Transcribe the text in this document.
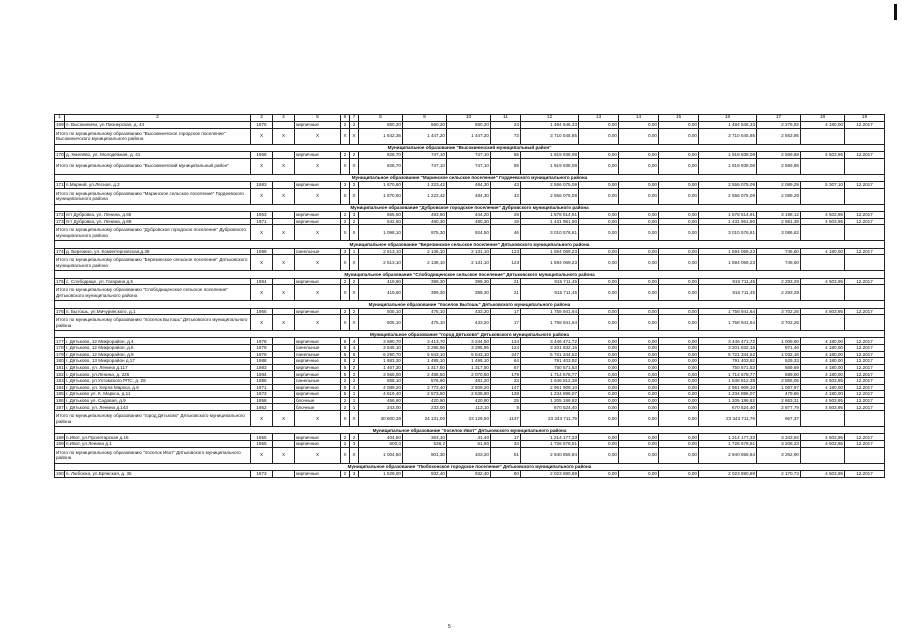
1	2	3	4	5	6	7	8	9	10	11	12	13	14	15	16	17	18	19
169	п. Высокиничи, ул.Пионерская, д. 44	1975		кирпичные	2	2	650,20	660,20	660,20	24	1 494 546,33	0,00	0,00	0,00	1 494 546,33	2 275,92	4 180,00	12.2017
Итого по муниципальному образованию "Высокиничское городское поселение" Высокиничского муниципального района		Х	Х	Х	Х	Х	1 642,36	1 447,20	1 447,20	73	3 710 545,85	0,00	0,00	0,00	3 710 545,85	2 563,95		
Муниципальное образование "Высокиничский муниципальный район"																		
170	д. Хмелёво, ул. Молодёжная, д. 41	1968		кирпичные	2	2	828,70	747,10	747,10	55	1 919 938,08	0,00	0,00	0,00	1 919 938,08	2 569,88	4 503,95	12.2017
Итого по муниципальному образованию "Высокиничский муниципальный район"		Х	Х	Х	Х	Х	828,70	747,10	747,10	55	1 919 938,08	0,00	0,00	0,00	1 919 938,08	2 569,88		
Муниципальное образование "Маринское сельское поселение" Гордеевского муниципального района																		
171	п.Марний, ул.Лесная, д.2	1983		кирпичные	3	3	1 670,60	1 223,42	484,30	43	2 556 075,09	0,00	0,00	0,00	2 556 075,09	2 089,29	5 307,10	12.2017
Итого по муниципальному образованию "Маринское сельское поселение" Гордеевского муниципального района		Х	Х	Х	Х	Х	1 670,60	1 223,42	484,30	43	2 556 075,09	0,00	0,00	0,00	2 556 075,09	2 089,29		
Муниципальное образование "Дубровское городское поселение" Дубровского муниципального района																		
172	пгт Дубровка, ул. Ленина, д.65	1963		кирпичные	2	3	555,50	493,60	444,20	28	1 578 614,91	0,00	0,00	0,00	1 578 614,91	3 198,12	4 503,95	12.2017
173	пгт Дубровка, ул. Ленина, д.69	1971		кирпичные	2	2	542,60	480,30	480,30	18	1 431 961,90	0,00	0,00	0,00	1 431 961,90	2 981,39	4 503,95	12.2017
Итого по муниципальному образованию "Дубровское городское поселение" Дубровского муниципального района		Х	Х	Х	Х	Х	1 098,10	975,30	924,50	46	3 010 576,81	0,00	0,00	0,00	3 010 576,81	3 086,82		
Муниципальное образование "Березинское сельское поселение" Дятьковского муниципального района																		
174	д. Березино, ул. Коминтерновская,д.38	1989		панельные	3	1	2 613,10	2 136,10	2 131,10	123	1 594 069,23	0,00	0,00	0,00	1 594 069,23	746,60	4 180,00	12.2017
Итого по муниципальному образованию "Березинское сельское поселение" Дятьковского муниципального района		Х	Х	Х	Х	Х	2 613,10	2 136,10	2 131,10	123	1 594 069,23	0,00	0,00	0,00	1 594 069,23	746,60		
Муниципальное образование "Слободищенское сельское поселение" Дятьковского муниципального района																		
175	с. Слободище, ул. Гагарина д.5	1984		кирпичные	2	2	419,60	399,30	399,30	21	915 711,45	0,00	0,00	0,00	915 711,45	2 293,29	4 503,95	12.2017
Итого по муниципальному образованию "Слободищенское сельское поселение" Дятьковского муниципального района		Х	Х	Х	Х	Х	419,60	399,30	399,30	21	915 711,45	0,00	0,00	0,00	915 711,45	2 293,29		
Муниципальное образование "поселок Бытошь" Дятьковского муниципального района																		
176	п. Бытошь, ул.Мичуринского, д.1	1965		кирпичные	2	2	505,10	475,10	433,20	17	1 758 941,64	0,00	0,00	0,00	1 758 941,64	3 702,26	4 503,95	12.2017
Итого по муниципальному образованию "поселок Бытошь" Дятьковского муниципального района		Х	Х	Х	Х	Х	505,10	475,10	433,20	17	1 758 941,64	0,00	0,00	0,00	1 758 941,64	3 702,26		
Муниципальное образование "город Дятьково" Дятьковского муниципального района																		
177	г. Дятьково, 12 Микрорайон, д.4	1978		кирпичные	5	4	3 680,70	3 413,70	3 244,50	134	3 446 471,72	0,00	0,00	0,00	3 446 471,72	1 009,60	4 180,00	12.2017
178	г. Дятьково, 12 Микрорайон, д.5	1979		панельные	5	4	3 645,10	3 295,96	3 295,96	124	3 201 832,16	0,00	0,00	0,00	3 201 832,16	971,46	4 180,00	12.2017
179	г. Дятьково, 12 Микрорайон, д.9	1979		панельные	5	8	6 290,70	5 543,10	5 543,10	247	5 721 344,52	0,00	0,00	0,00	5 721 344,52	1 032,16	4 180,00	12.2017
180	г. Дятьково, 13 Микрорайон д.17	1988		кирпичные	5	2	1 683,30	1 495,10	1 495,10	64	791 403,92	0,00	0,00	0,00	791 403,92	529,33	4 180,00	12.2017
181	г. Дятьково, ул. Ленина д.117	1983		кирпичные	5	2	1 467,30	1 317,50	1 317,50	67	750 571,53	0,00	0,00	0,00	750 571,53	569,69	4 180,00	12.2017
182	г. Дятьково, ул.Ленина, д. 226	1984		кирпичные	5	3	3 565,00	2 488,50	2 070,50	179	1 714 678,77	0,00	0,00	0,00	1 714 678,77	689,00	4 180,00	12.2017
183	г. Дятьково, ул.Ухтомского РПС, д. 28	1986		панельные	2	2	658,10	576,60	481,20	23	1 646 812,38	0,00	0,00	0,00	1 646 812,38	2 855,05	4 503,95	12.2017
184	г. Дятьково, ул. Херла Маркса, д.6	1971		кирпичные	5	4	4 089,20	2 773,40	2 609,20	147	2 961 909,10	0,00	0,00	0,00	2 961 909,10	1 067,97	4 180,00	12.2017
185	г. Дятьково ул. К. Маркса, д.11	1973		кирпичные	5	1	4 616,40	2 573,50	2 538,80	138	1 234 896,07	0,00	0,00	0,00	1 234 896,07	479,86	4 180,00	12.2017
186	г. Дятьково ул. Садовая, д.9	1958		блочные	2	1	456,60	420,90	420,90	25	1 205 186,82	0,00	0,00	0,00	1 205 186,82	2 863,31	4 503,95	12.2017
187	г. Дятьково, ул. Ленина д.143	1952		блочные	2	1	243,00	233,00	113,10	5	670 524,40	0,00	0,00	0,00	670 524,40	2 877,79	4 503,95	12.2017
Итого по муниципальному образованию "город Дятьково" Дятьковского муниципального района		Х	Х	Х	Х	Х	30 600,38	24 131,00	23 129,50	1137	23 343 711,79	0,00	0,00	0,00	23 343 711,79	967,37		
Муниципальное образование "поселок Ивот" Дятьковского муниципального района																		
188	п.Ивот, ул.Пролетарская д.16	1955		кирпичные	2	2	404,50	363,10	41,40	17	1 214 177,33	0,00	0,00	0,00	1 214 177,33	3 343,92	4 503,95	12.2017
189	п.Ивот, ул.Ленина д.1	1955		кирпичные	2	3	600,0	538,2	61,80	34	1 726 678,51	0,00	0,00	0,00	1 726 678,51	3 208,23	4 503,95	12.2017
Итого по муниципальному образованию "поселок Ивот" Дятьковского муниципального района		Х	Х	Х	Х	Х	1 004,50	901,30	103,20	51	2 940 855,84	0,00	0,00	0,00	2 940 855,84	3 262,90		
Муниципальное образование "Любохонское городское поселение" Дятьковского муниципального района																		
190	п. Любохна, ул.Брянская, д. 35	1973		кирпичные	2	3	1 528,00	932,40	932,40	60	2 023 890,89	0,00	0,00	0,00	2 023 890,89	2 170,73	4 503,95	12.2017
5
